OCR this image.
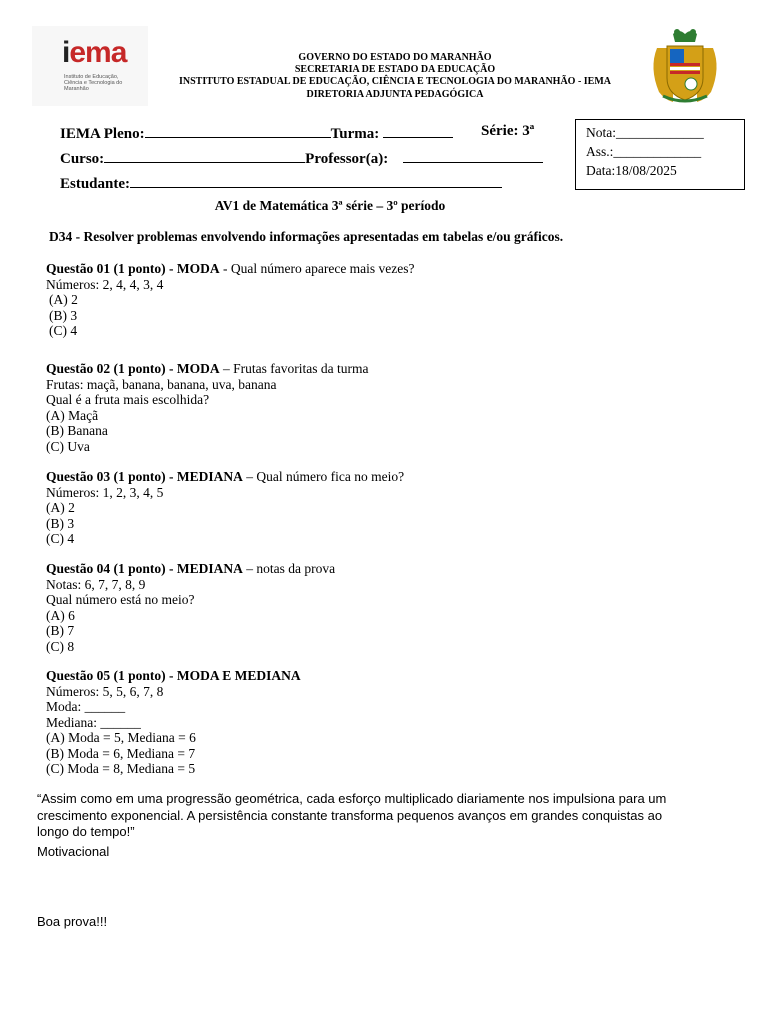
iema
Instituto de Educação, Ciência e Tecnologia do Maranhão
GOVERNO DO ESTADO DO MARANHÃO
SECRETARIA DE ESTADO DA EDUCAÇÃO
INSTITUTO ESTADUAL DE EDUCAÇÃO, CIÊNCIA E TECNOLOGIA DO MARANHÃO - IEMA
DIRETORIA ADJUNTA PEDAGÓGICA
IEMA Pleno:	Turma:	Série: 3ª
Curso:	Professor(a):
Estudante:
Nota:_____________
Ass.:_____________
Data:18/08/2025
AV1 de Matemática 3ª série – 3º período
D34 - Resolver problemas envolvendo informações apresentadas em tabelas e/ou gráficos.
Questão 01 (1 ponto) - MODA - Qual número aparece mais vezes?
Números: 2, 4, 4, 3, 4
(A) 2
(B) 3
(C) 4
Questão 02 (1 ponto) - MODA – Frutas favoritas da turma
Frutas: maçã, banana, banana, uva, banana
Qual é a fruta mais escolhida?
(A) Maçã
(B) Banana
(C) Uva
Questão 03 (1 ponto) - MEDIANA – Qual número fica no meio?
Números: 1, 2, 3, 4, 5
(A) 2
(B) 3
(C) 4
Questão 04 (1 ponto) - MEDIANA – notas da prova
Notas: 6, 7, 7, 8, 9
Qual número está no meio?
(A) 6
(B) 7
(C) 8
Questão 05 (1 ponto) - MODA E MEDIANA
Números: 5, 5, 6, 7, 8
Moda: ______
Mediana: ______
(A) Moda = 5, Mediana = 6
(B) Moda = 6, Mediana = 7
(C) Moda = 8, Mediana = 5
“Assim como em uma progressão geométrica, cada esforço multiplicado diariamente nos impulsiona para um crescimento exponencial. A persistência constante transforma pequenos avanços em grandes conquistas ao longo do tempo!”
Motivacional
Boa prova!!!
